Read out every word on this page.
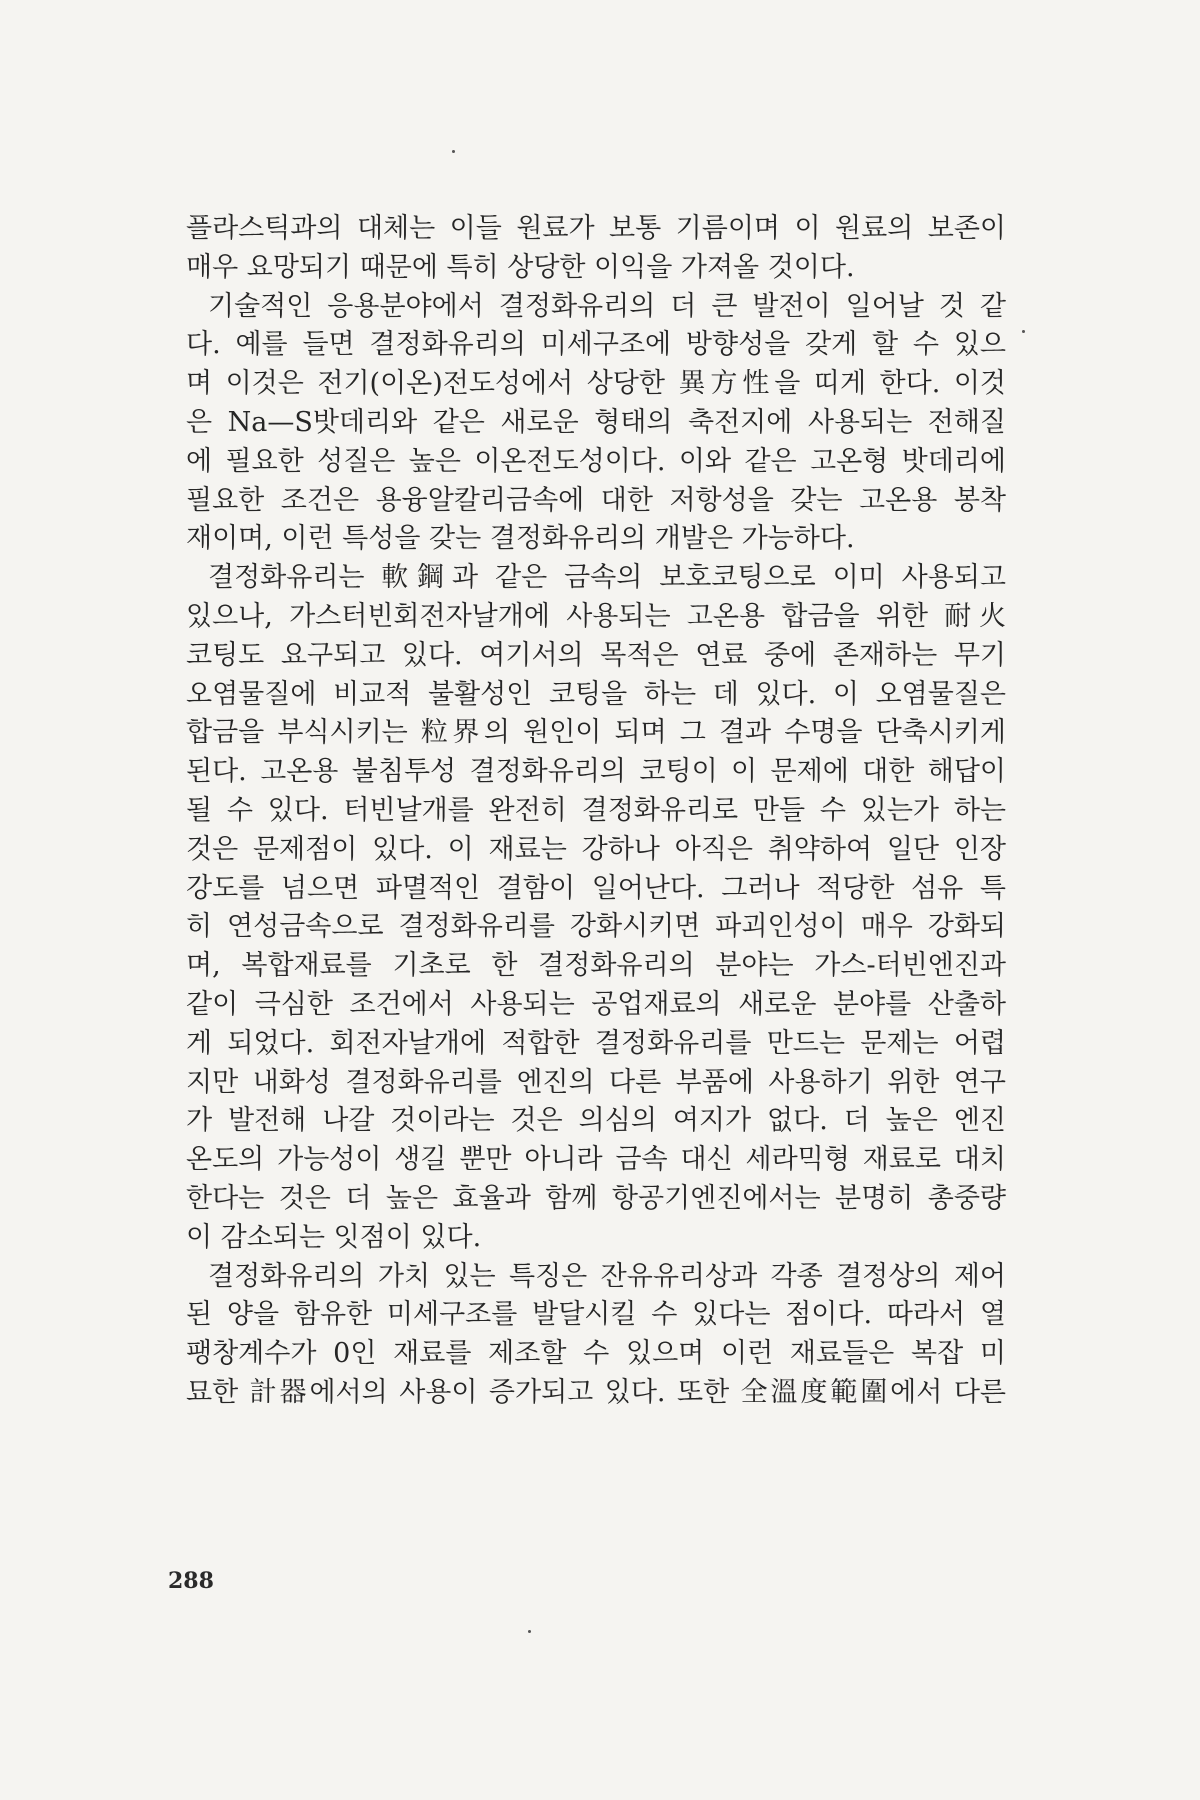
플라스틱과의 대체는 이들 원료가 보통 기름이며 이 원료의 보존이
매우 요망되기 때문에 특히 상당한 이익을 가져올 것이다.
기술적인 응용분야에서 결정화유리의 더 큰 발전이 일어날 것 같
다. 예를 들면 결정화유리의 미세구조에 방향성을 갖게 할 수 있으
며 이것은 전기(이온)전도성에서 상당한 異方性을 띠게 한다. 이것
은 Na—S밧데리와 같은 새로운 형태의 축전지에 사용되는 전해질
에 필요한 성질은 높은 이온전도성이다. 이와 같은 고온형 밧데리에
필요한 조건은 용융알칼리금속에 대한 저항성을 갖는 고온용 봉착
재이며, 이런 특성을 갖는 결정화유리의 개발은 가능하다.
결정화유리는 軟鋼과 같은 금속의 보호코팅으로 이미 사용되고
있으나, 가스터빈회전자날개에 사용되는 고온용 합금을 위한 耐火
코팅도 요구되고 있다. 여기서의 목적은 연료 중에 존재하는 무기
오염물질에 비교적 불활성인 코팅을 하는 데 있다. 이 오염물질은
합금을 부식시키는 粒界의 원인이 되며 그 결과 수명을 단축시키게
된다. 고온용 불침투성 결정화유리의 코팅이 이 문제에 대한 해답이
될 수 있다. 터빈날개를 완전히 결정화유리로 만들 수 있는가 하는
것은 문제점이 있다. 이 재료는 강하나 아직은 취약하여 일단 인장
강도를 넘으면 파멸적인 결함이 일어난다. 그러나 적당한 섬유 특
히 연성금속으로 결정화유리를 강화시키면 파괴인성이 매우 강화되
며, 복합재료를 기초로 한 결정화유리의 분야는 가스-터빈엔진과
같이 극심한 조건에서 사용되는 공업재료의 새로운 분야를 산출하
게 되었다. 회전자날개에 적합한 결정화유리를 만드는 문제는 어렵
지만 내화성 결정화유리를 엔진의 다른 부품에 사용하기 위한 연구
가 발전해 나갈 것이라는 것은 의심의 여지가 없다. 더 높은 엔진
온도의 가능성이 생길 뿐만 아니라 금속 대신 세라믹형 재료로 대치
한다는 것은 더 높은 효율과 함께 항공기엔진에서는 분명히 총중량
이 감소되는 잇점이 있다.
결정화유리의 가치 있는 특징은 잔유유리상과 각종 결정상의 제어
된 양을 함유한 미세구조를 발달시킬 수 있다는 점이다. 따라서 열
팽창계수가 0인 재료를 제조할 수 있으며 이런 재료들은 복잡 미
묘한 計器에서의 사용이 증가되고 있다. 또한 全溫度範圍에서 다른
288
